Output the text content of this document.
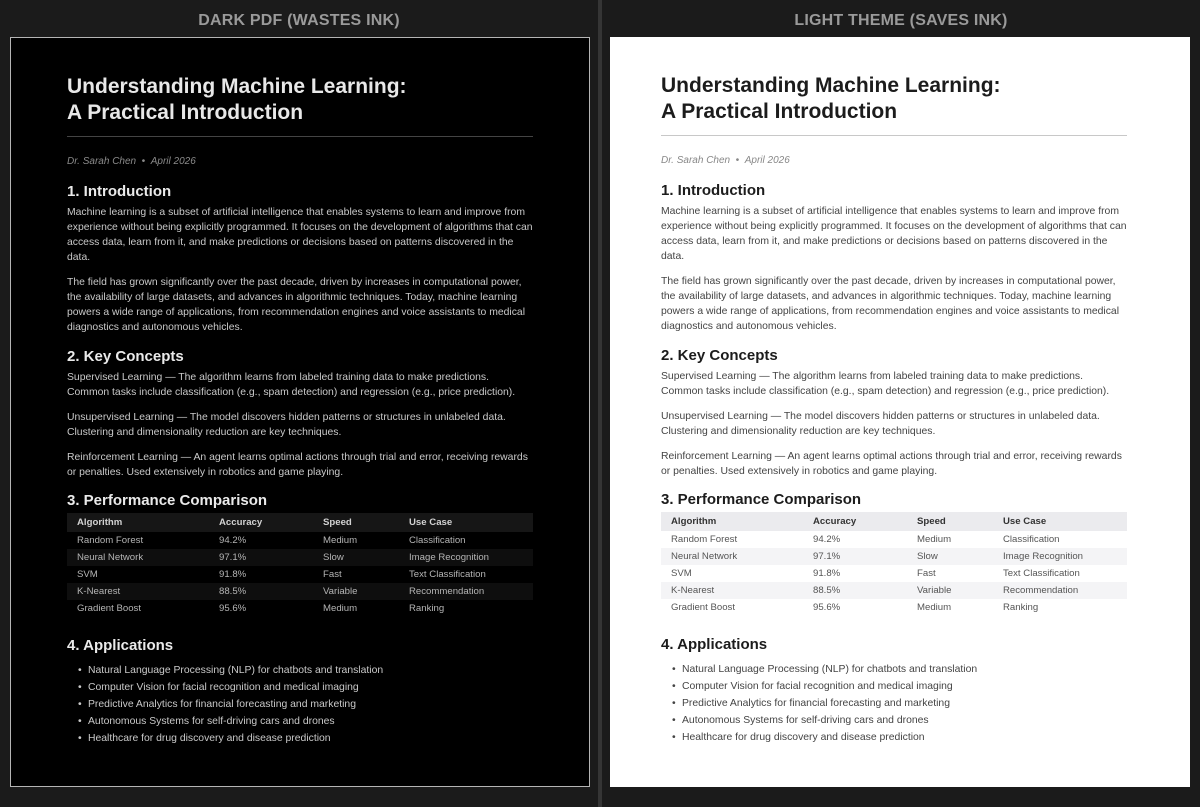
DARK PDF (WASTES INK)	LIGHT THEME (SAVES INK)
Understanding Machine Learning:
A Practical Introduction
Dr. Sarah Chen • April 2026
1. Introduction

Machine learning is a subset of artificial intelligence that enables systems to learn and improve from experience without being explicitly programmed. It focuses on the development of algorithms that can access data, learn from it, and make predictions or decisions based on patterns discovered in the data.

The field has grown significantly over the past decade, driven by increases in computational power, the availability of large datasets, and advances in algorithmic techniques. Today, machine learning powers a wide range of applications, from recommendation engines and voice assistants to medical diagnostics and autonomous vehicles.

2. Key Concepts

Supervised Learning — The algorithm learns from labeled training data to make predictions. Common tasks include classification (e.g., spam detection) and regression (e.g., price prediction).

Unsupervised Learning — The model discovers hidden patterns or structures in unlabeled data. Clustering and dimensionality reduction are key techniques.

Reinforcement Learning — An agent learns optimal actions through trial and error, receiving rewards or penalties. Used extensively in robotics and game playing.

3. Performance Comparison
Algorithm	Accuracy	Speed	Use Case
Random Forest	94.2%	Medium	Classification
Neural Network	97.1%	Slow	Image Recognition
SVM	91.8%	Fast	Text Classification
K-Nearest	88.5%	Variable	Recommendation
Gradient Boost	95.6%	Medium	Ranking
4. Applications
• Natural Language Processing (NLP) for chatbots and translation
• Computer Vision for facial recognition and medical imaging
• Predictive Analytics for financial forecasting and marketing
• Autonomous Systems for self-driving cars and drones
• Healthcare for drug discovery and disease prediction
Understanding Machine Learning:
A Practical Introduction
Dr. Sarah Chen • April 2026
1. Introduction

Machine learning is a subset of artificial intelligence that enables systems to learn and improve from experience without being explicitly programmed. It focuses on the development of algorithms that can access data, learn from it, and make predictions or decisions based on patterns discovered in the data.

The field has grown significantly over the past decade, driven by increases in computational power, the availability of large datasets, and advances in algorithmic techniques. Today, machine learning powers a wide range of applications, from recommendation engines and voice assistants to medical diagnostics and autonomous vehicles.

2. Key Concepts

Supervised Learning — The algorithm learns from labeled training data to make predictions. Common tasks include classification (e.g., spam detection) and regression (e.g., price prediction).

Unsupervised Learning — The model discovers hidden patterns or structures in unlabeled data. Clustering and dimensionality reduction are key techniques.

Reinforcement Learning — An agent learns optimal actions through trial and error, receiving rewards or penalties. Used extensively in robotics and game playing.

3. Performance Comparison
Algorithm	Accuracy	Speed	Use Case
Random Forest	94.2%	Medium	Classification
Neural Network	97.1%	Slow	Image Recognition
SVM	91.8%	Fast	Text Classification
K-Nearest	88.5%	Variable	Recommendation
Gradient Boost	95.6%	Medium	Ranking
4. Applications
• Natural Language Processing (NLP) for chatbots and translation
• Computer Vision for facial recognition and medical imaging
• Predictive Analytics for financial forecasting and marketing
• Autonomous Systems for self-driving cars and drones
• Healthcare for drug discovery and disease prediction
